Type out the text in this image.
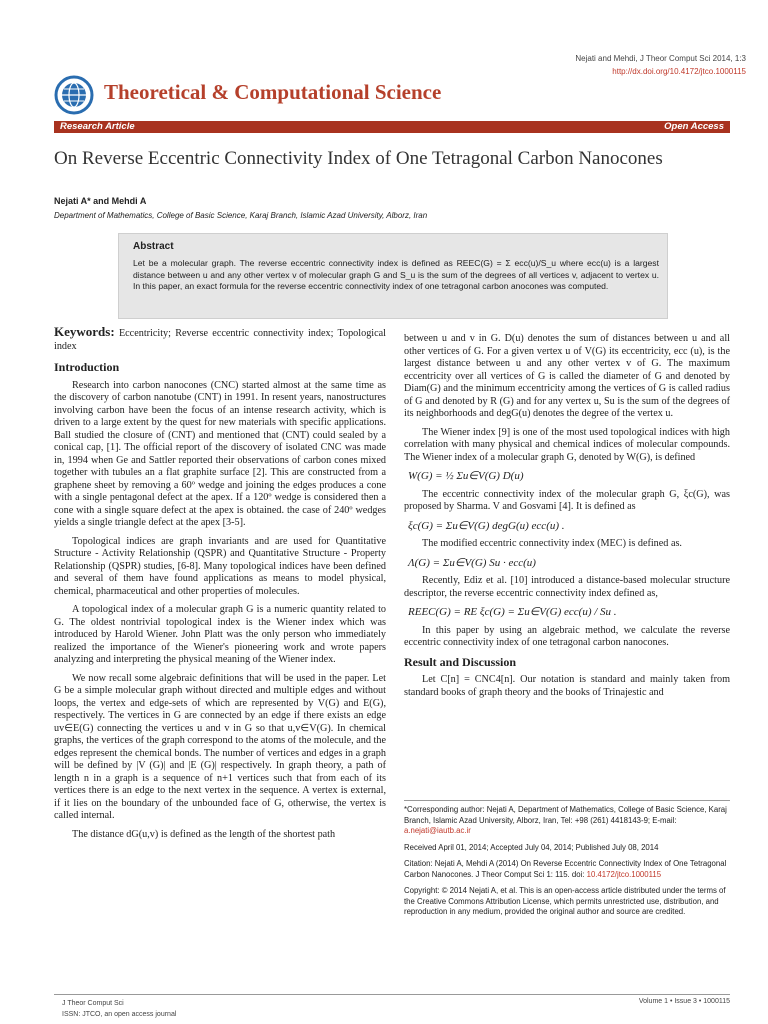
Nejati and Mehdi, J Theor Comput Sci 2014, 1:3
http://dx.doi.org/10.4172/jtco.1000115
Theoretical & Computational Science
Research Article	Open Access
On Reverse Eccentric Connectivity Index of One Tetragonal Carbon Nanocones
Nejati A* and Mehdi A
Department of Mathematics, College of Basic Science, Karaj Branch, Islamic Azad University, Alborz, Iran
Abstract

Let be a molecular graph. The reverse eccentric connectivity index is defined as REEC(G) = Σ ecc(u)/S_u where ecc(u) is a largest distance between u and any other vertex v of molecular graph G and S_u is the sum of the degrees of all vertices v, adjacent to vertex u. In this paper, an exact formula for the reverse eccentric connectivity index of one tetragonal carbon anocones was computed.

Keywords: Eccentricity; Reverse eccentric connectivity index; Topological index
Introduction

Research into carbon nanocones (CNC) started almost at the same time as the discovery of carbon nanotube (CNT) in 1991. In resent years, nanostructures involving carbon have been the focus of an intense research activity, which is driven to a large extent by the quest for new materials with specific applications. Ball studied the closure of (CNT) and mentioned that (CNT) could sealed by a conical cap, [1]. The official report of the discovery of isolated CNC was made in, 1994 when Ge and Sattler reported their observations of carbon cones mixed together with tubules an a flat graphite surface [2]. This are constructed from a graphene sheet by removing a 60º wedge and joining the edges produces a cone with a single pentagonal defect at the apex. If a 120º wedge is considered then a cone with a single square defect at the apex is obtained. the case of 240º wedges yields a single triangle defect at the apex [3-5].

Topological indices are graph invariants and are used for Quantitative Structure - Activity Relationship (QSPR) and Quantitative Structure - Property Relationship (QSPR) studies, [6-8]. Many topological indices have been defined and several of them have found applications as means to model physical, chemical, pharmaceutical and other properties of molecules.

A topological index of a molecular graph G is a numeric quantity related to G. The oldest nontrivial topological index is the Wiener index which was introduced by Harold Wiener. John Platt was the only person who immediately realized the importance of the Wiener's pioneering work and wrote papers analyzing and interpreting the physical meaning of the Wiener index.

We now recall some algebraic definitions that will be used in the paper. Let G be a simple molecular graph without directed and multiple edges and without loops, the vertex and edge-sets of which are represented by V(G) and E(G), respectively. The vertices in G are connected by an edge if there exists an edge uv∈E(G) connecting the vertices u and v in G so that u,v∈V(G). In chemical graphs, the vertices of the graph correspond to the atoms of the molecule, and the edges represent the chemical bonds. The number of vertices and edges in a graph will be defined by |V (G)| and |E (G)| respectively. In graph theory, a path of length n in a graph is a sequence of n+1 vertices such that from each of its vertices there is an edge to the next vertex in the sequence. A vertex is external, if it lies on the boundary of the unbounded face of G, otherwise, the vertex is called internal.

The distance dG(u,v) is defined as the length of the shortest path

between u and v in G. D(u) denotes the sum of distances between u and all other vertices of G. For a given vertex u of V(G) its eccentricity, ecc (u), is the largest distance between u and any other vertex v of G. The maximum eccentricity over all vertices of G is called the diameter of G and denoted by Diam(G) and the minimum eccentricity among the vertices of G is called radius of G and denoted by R (G) and for any vertex u, Su is the sum of the degrees of its neighborhoods and degG(u) denotes the degree of the vertex u.

The Wiener index [9] is one of the most used topological indices with high correlation with many physical and chemical indices of molecular compounds. The Wiener index of a molecular graph G, denoted by W(G), is defined

W(G) = ½ Σu∈V(G) D(u)

The eccentric connectivity index of the molecular graph G, ξc(G), was proposed by Sharma. V and Gosvami [4]. It is defined as

ξc(G) = Σu∈V(G) degG(u) ecc(u) .

The modified eccentric connectivity index (MEC) is defined as.

Λ(G) = Σu∈V(G) Su · ecc(u)

Recently, Ediz et al. [10] introduced a distance-based molecular structure descriptor, the reverse eccentric connectivity index defined as,

REEC(G) = RE ξc(G) = Σu∈V(G) ecc(u) / Su .

In this paper by using an algebraic method, we calculate the reverse eccentric connectivity index of one tetragonal carbon nanocones.

Result and Discussion

Let C[n] = CNC4[n]. Our notation is standard and mainly taken from standard books of graph theory and the books of Trinajestic and

*Corresponding author: Nejati A, Department of Mathematics, College of Basic Science, Karaj Branch, Islamic Azad University, Alborz, Iran, Tel: +98 (261) 4418143-9; E-mail: a.nejati@iautb.ac.ir

Received April 01, 2014; Accepted July 04, 2014; Published July 08, 2014

Citation: Nejati A, Mehdi A (2014) On Reverse Eccentric Connectivity Index of One Tetragonal Carbon Nanocones. J Theor Comput Sci 1: 115. doi: 10.4172/jtco.1000115

Copyright: © 2014 Nejati A, et al. This is an open-access article distributed under the terms of the Creative Commons Attribution License, which permits unrestricted use, distribution, and reproduction in any medium, provided the original author and source are credited.

J Theor Comput Sci
ISSN: JTCO, an open access journal
Volume 1 • Issue 3 • 1000115
